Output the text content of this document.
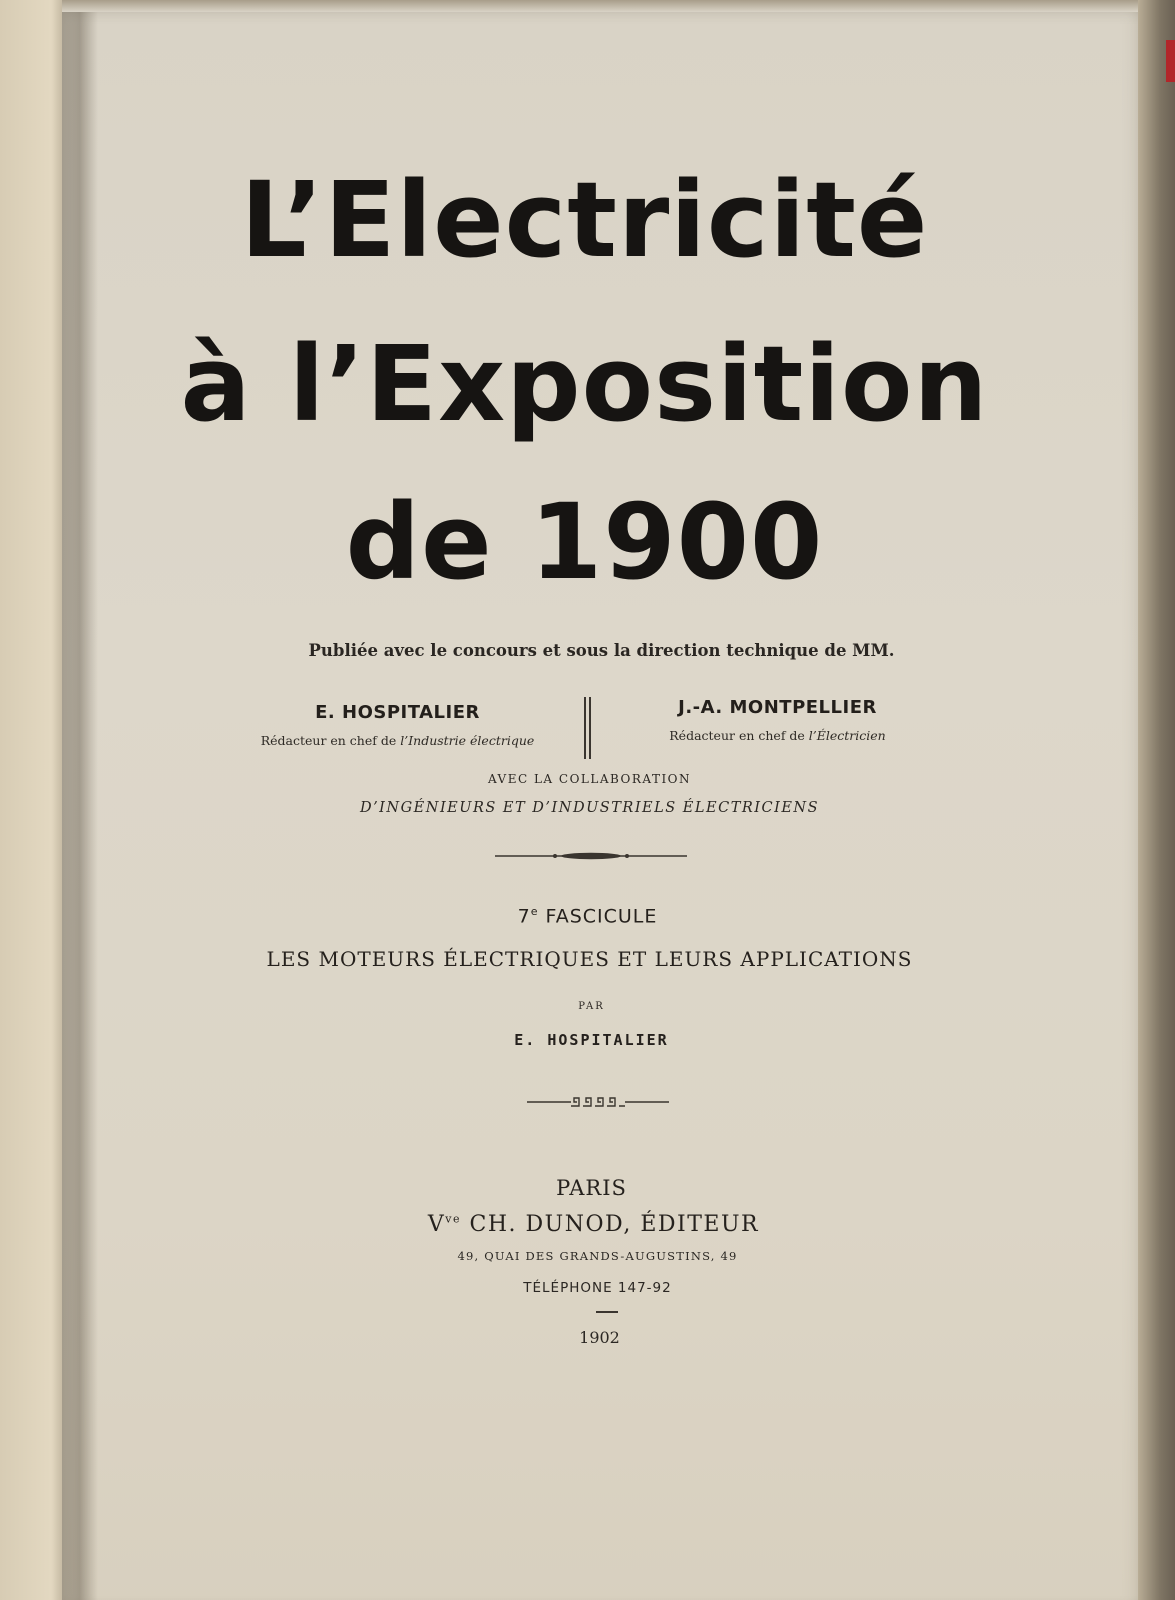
L’Electricité
à l’Exposition
de 1900
Publiée avec le concours et sous la direction technique de MM.
E. HOSPITALIER
Rédacteur en chef de l’Industrie électrique
J.-A. MONTPELLIER
Rédacteur en chef de l’Électricien
AVEC LA COLLABORATION
D’INGÉNIEURS ET D’INDUSTRIELS ÉLECTRICIENS
7e FASCICULE
LES MOTEURS ÉLECTRIQUES ET LEURS APPLICATIONS
PAR
E. HOSPITALIER
PARIS
$V^{ve}$ CH. DUNOD, ÉDITEUR
49, QUAI DES GRANDS-AUGUSTINS, 49
TÉLÉPHONE 147-92
1902
